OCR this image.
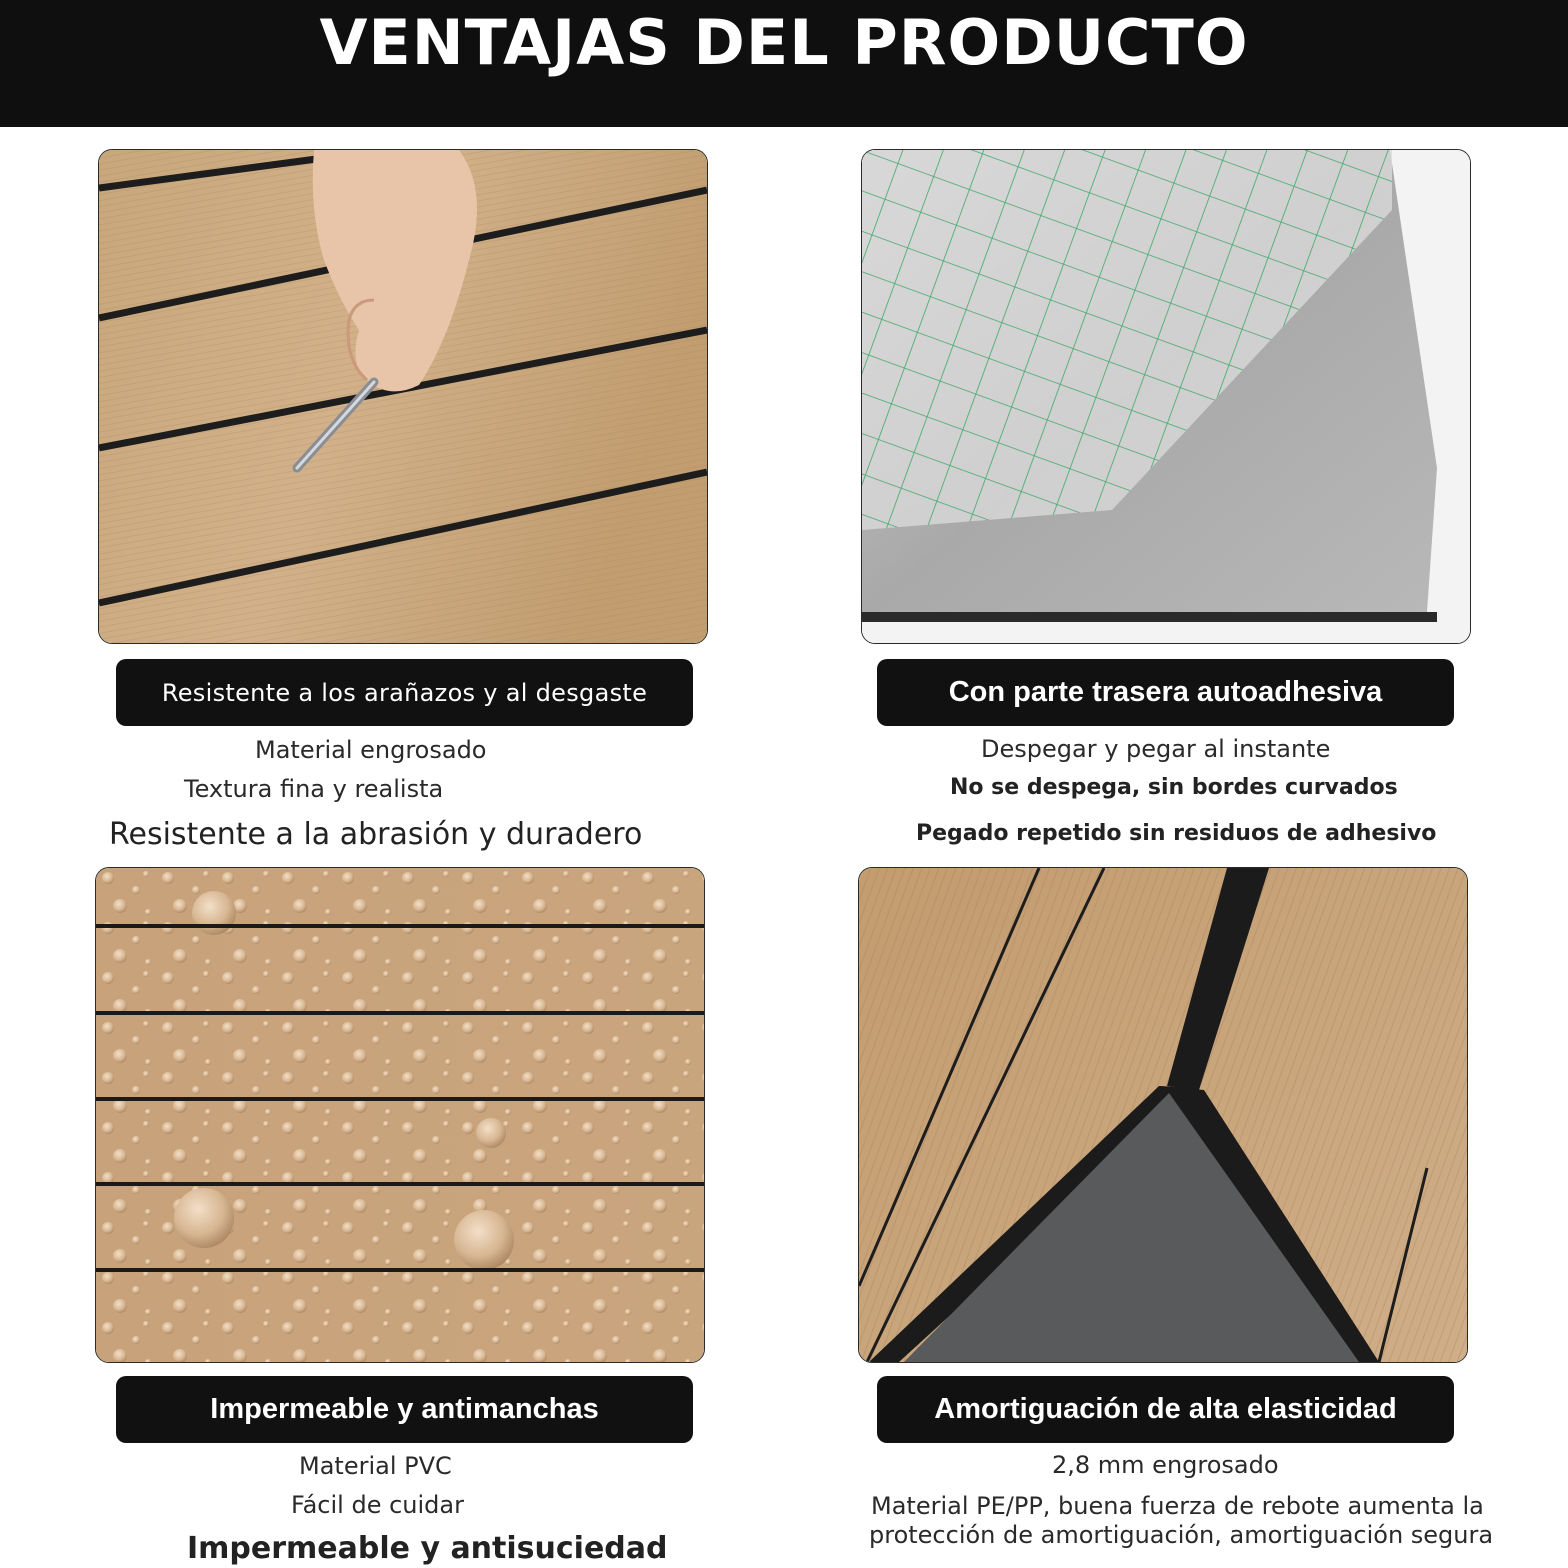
VENTAJAS DEL PRODUCTO
Resistente a los arañazos y al desgaste	Con parte trasera autoadhesiva
Material engrosado
Textura fina y realista
Resistente a la abrasión y duradero
Despegar y pegar al instante
No se despega, sin bordes curvados
Pegado repetido sin residuos de adhesivo
Impermeable y antimanchas	Amortiguación de alta elasticidad
Material PVC
Fácil de cuidar
Impermeable y antisuciedad
2,8 mm engrosado
Material PE/PP, buena fuerza de rebote aumenta la
protección de amortiguación, amortiguación segura
